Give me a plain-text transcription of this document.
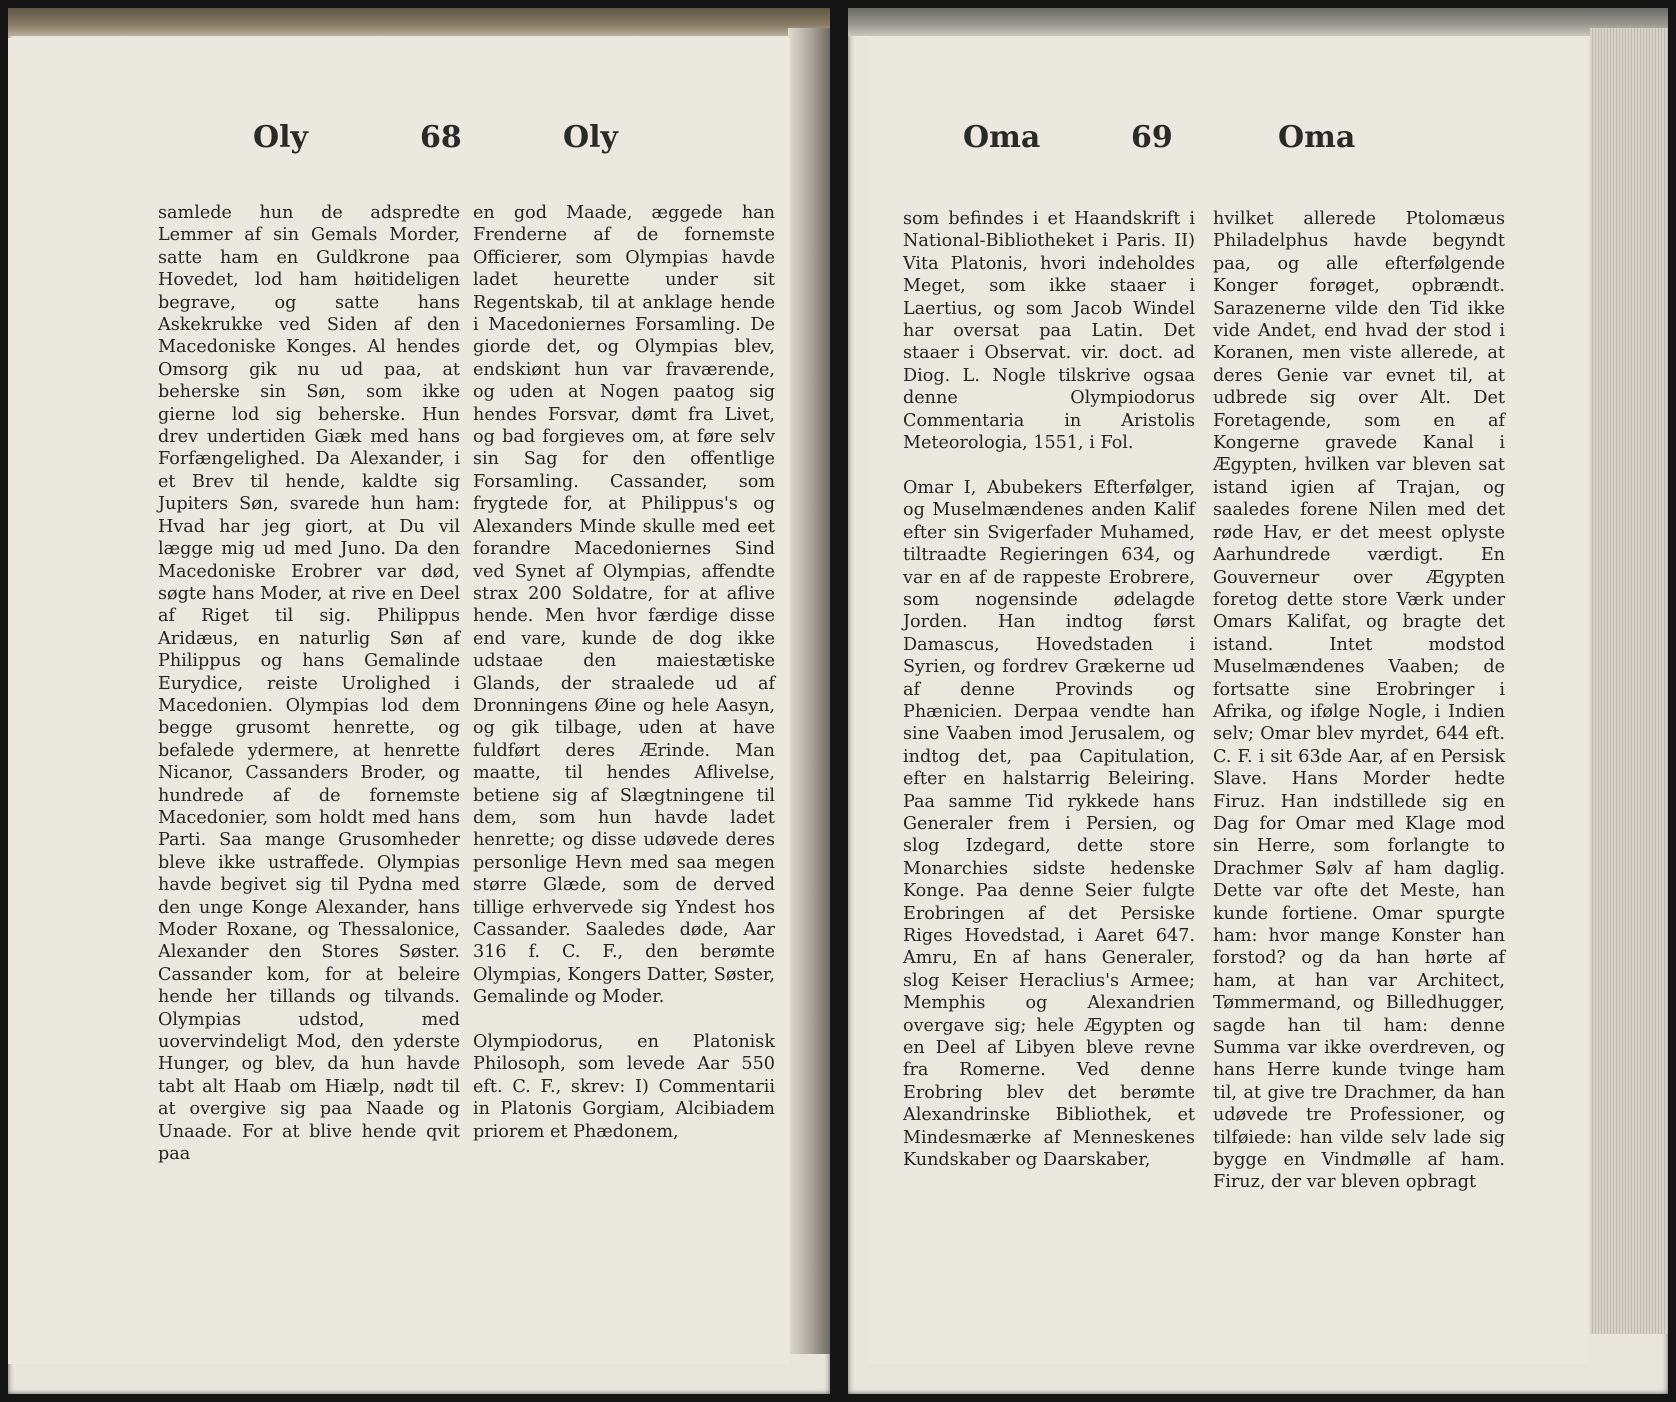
Oly	68	Oly
samlede hun de adspredte Lemmer af sin Gemals Morder, satte ham en Guldkrone paa Hovedet, lod ham høitideligen begrave, og satte hans Askekrukke ved Siden af den Macedoniske Konges. Al hendes Omsorg gik nu ud paa, at beherske sin Søn, som ikke gierne lod sig beherske. Hun drev undertiden Giæk med hans Forfængelighed. Da Alexander, i et Brev til hende, kaldte sig Jupiters Søn, svarede hun ham: Hvad har jeg giort, at Du vil lægge mig ud med Juno. Da den Macedoniske Erobrer var død, søgte hans Moder, at rive en Deel af Riget til sig. Philippus Aridæus, en naturlig Søn af Philippus og hans Gemalinde Eurydice, reiste Urolighed i Macedonien. Olympias lod dem begge grusomt henrette, og befalede ydermere, at henrette Nicanor, Cassanders Broder, og hundrede af de fornemste Macedonier, som holdt med hans Parti. Saa mange Grusomheder bleve ikke ustraffede. Olympias havde begivet sig til Pydna med den unge Konge Alexander, hans Moder Roxane, og Thessalonice, Alexander den Stores Søster. Cassander kom, for at beleire hende her tillands og tilvands. Olympias udstod, med uovervindeligt Mod, den yderste Hunger, og blev, da hun havde tabt alt Haab om Hiælp, nødt til at overgive sig paa Naade og Unaade. For at blive hende qvit paa
en god Maade, æggede han Frenderne af de fornemste Officierer, som Olympias havde ladet heurette under sit Regentskab, til at anklage hende i Macedoniernes Forsamling. De giorde det, og Olympias blev, endskiønt hun var fraværende, og uden at Nogen paatog sig hendes Forsvar, dømt fra Livet, og bad forgieves om, at føre selv sin Sag for den offentlige Forsamling. Cassander, som frygtede for, at Philippus's og Alexanders Minde skulle med eet forandre Macedoniernes Sind ved Synet af Olympias, affendte strax 200 Soldatre, for at aflive hende. Men hvor færdige disse end vare, kunde de dog ikke udstaae den maiestætiske Glands, der straalede ud af Dronningens Øine og hele Aasyn, og gik tilbage, uden at have fuldført deres Ærinde. Man maatte, til hendes Aflivelse, betiene sig af Slægtningene til dem, som hun havde ladet henrette; og disse udøvede deres personlige Hevn med saa megen større Glæde, som de derved tillige erhvervede sig Yndest hos Cassander. Saaledes døde, Aar 316 f. C. F., den berømte Olympias, Kongers Datter, Søster, Gemalinde og Moder.

Olympiodorus, en Platonisk Philosoph, som levede Aar 550 eft. C. F., skrev: I) Commentarii in Platonis Gorgiam, Alcibiadem priorem et Phædonem,
Oma	69	Oma
som befindes i et Haandskrift i National-Bibliotheket i Paris. II) Vita Platonis, hvori indeholdes Meget, som ikke staaer i Laertius, og som Jacob Windel har oversat paa Latin. Det staaer i Observat. vir. doct. ad Diog. L. Nogle tilskrive ogsaa denne Olympiodorus Commentaria in Aristolis Meteorologia, 1551, i Fol.

Omar I, Abubekers Efterfølger, og Muselmændenes anden Kalif efter sin Svigerfader Muhamed, tiltraadte Regieringen 634, og var en af de rappeste Erobrere, som nogensinde ødelagde Jorden. Han indtog først Damascus, Hovedstaden i Syrien, og fordrev Grækerne ud af denne Provinds og Phænicien. Derpaa vendte han sine Vaaben imod Jerusalem, og indtog det, paa Capitulation, efter en halstarrig Beleiring. Paa samme Tid rykkede hans Generaler frem i Persien, og slog Izdegard, dette store Monarchies sidste hedenske Konge. Paa denne Seier fulgte Erobringen af det Persiske Riges Hovedstad, i Aaret 647. Amru, En af hans Generaler, slog Keiser Heraclius's Armee; Memphis og Alexandrien overgave sig; hele Ægypten og en Deel af Libyen bleve revne fra Romerne. Ved denne Erobring blev det berømte Alexandrinske Bibliothek, et Mindesmærke af Menneskenes Kundskaber og Daarskaber,
hvilket allerede Ptolomæus Philadelphus havde begyndt paa, og alle efterfølgende Konger forøget, opbrændt. Sarazenerne vilde den Tid ikke vide Andet, end hvad der stod i Koranen, men viste allerede, at deres Genie var evnet til, at udbrede sig over Alt. Det Foretagende, som en af Kongerne gravede Kanal i Ægypten, hvilken var bleven sat istand igien af Trajan, og saaledes forene Nilen med det røde Hav, er det meest oplyste Aarhundrede værdigt. En Gouverneur over Ægypten foretog dette store Værk under Omars Kalifat, og bragte det istand. Intet modstod Muselmændenes Vaaben; de fortsatte sine Erobringer i Afrika, og ifølge Nogle, i Indien selv; Omar blev myrdet, 644 eft. C. F. i sit 63de Aar, af en Persisk Slave. Hans Morder hedte Firuz. Han indstillede sig en Dag for Omar med Klage mod sin Herre, som forlangte to Drachmer Sølv af ham daglig. Dette var ofte det Meste, han kunde fortiene. Omar spurgte ham: hvor mange Konster han forstod? og da han hørte af ham, at han var Architect, Tømmermand, og Billedhugger, sagde han til ham: denne Summa var ikke overdreven, og hans Herre kunde tvinge ham til, at give tre Drachmer, da han udøvede tre Professioner, og tilføiede: han vilde selv lade sig bygge en Vindmølle af ham. Firuz, der var bleven opbragt
